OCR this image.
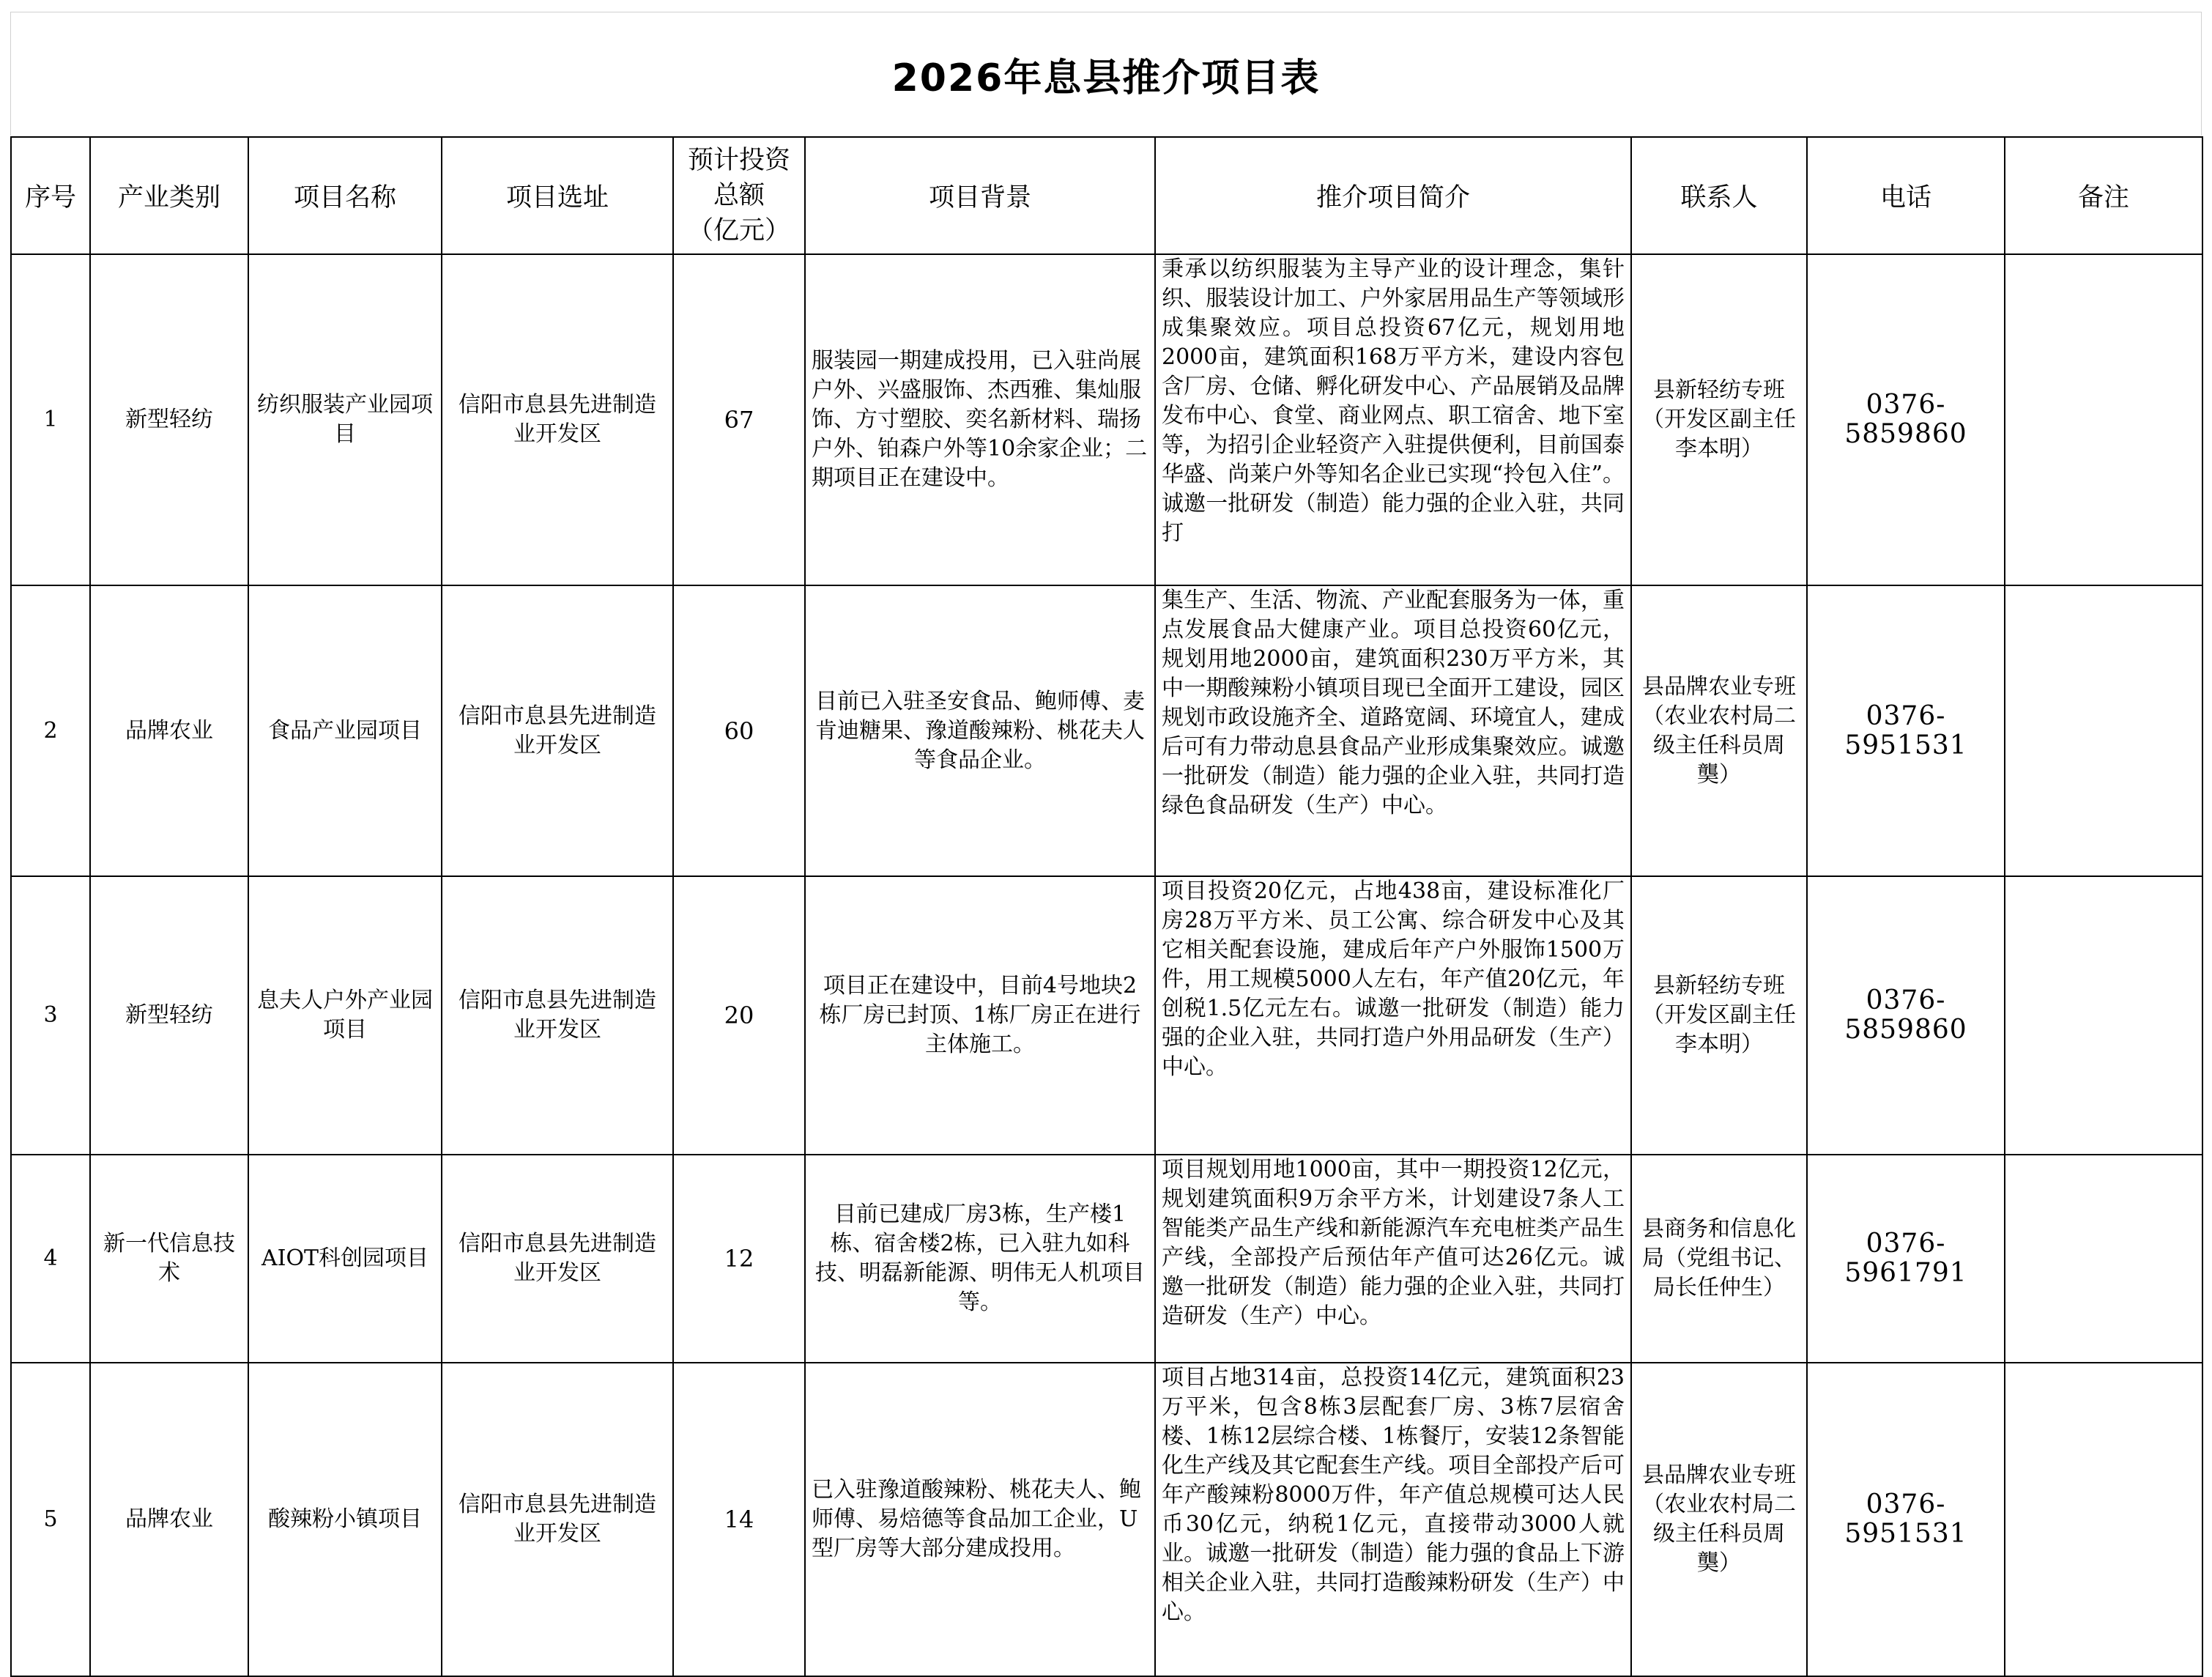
2026年息县推介项目表
序号	产业类别	项目名称	项目选址	预计投资
总额
（亿元）	项目背景	推介项目简介	联系人	电话	备注
1	新型轻纺	纺织服装产业园项目	信阳市息县先进制造业开发区	67	服装园一期建成投用，已入驻尚展户外、兴盛服饰、杰西雅、集灿服饰、方寸塑胶、奕名新材料、瑞扬户外、铂森户外等10余家企业；二期项目正在建设中。	秉承以纺织服装为主导产业的设计理念，集针织、服装设计加工、户外家居用品生产等领域形成集聚效应。项目总投资67亿元，规划用地2000亩，建筑面积168万平方米，建设内容包含厂房、仓储、孵化研发中心、产品展销及品牌发布中心、食堂、商业网点、职工宿舍、地下室等，为招引企业轻资产入驻提供便利，目前国泰华盛、尚莱户外等知名企业已实现“拎包入住”。诚邀一批研发（制造）能力强的企业入驻，共同打	县新轻纺专班（开发区副主任李本明）	0376-5859860	
2	品牌农业	食品产业园项目	信阳市息县先进制造业开发区	60	目前已入驻圣安食品、鲍师傅、麦肯迪糖果、豫道酸辣粉、桃花夫人等食品企业。	集生产、生活、物流、产业配套服务为一体，重点发展食品大健康产业。项目总投资60亿元，规划用地2000亩，建筑面积230万平方米，其中一期酸辣粉小镇项目现已全面开工建设，园区规划市政设施齐全、道路宽阔、环境宜人，建成后可有力带动息县食品产业形成集聚效应。诚邀一批研发（制造）能力强的企业入驻，共同打造绿色食品研发（生产）中心。	县品牌农业专班（农业农村局二级主任科员周龑）	0376-5951531	
3	新型轻纺	息夫人户外产业园项目	信阳市息县先进制造业开发区	20	项目正在建设中，目前4号地块2栋厂房已封顶、1栋厂房正在进行主体施工。	项目投资20亿元，占地438亩，建设标准化厂房28万平方米、员工公寓、综合研发中心及其它相关配套设施，建成后年产户外服饰1500万件，用工规模5000人左右，年产值20亿元，年创税1.5亿元左右。诚邀一批研发（制造）能力强的企业入驻，共同打造户外用品研发（生产）中心。	县新轻纺专班（开发区副主任李本明）	0376-5859860	
4	新一代信息技术	AIOT科创园项目	信阳市息县先进制造业开发区	12	目前已建成厂房3栋，生产楼1栋、宿舍楼2栋，已入驻九如科技、明磊新能源、明伟无人机项目等。	项目规划用地1000亩，其中一期投资12亿元，规划建筑面积9万余平方米，计划建设7条人工智能类产品生产线和新能源汽车充电桩类产品生产线，全部投产后预估年产值可达26亿元。诚邀一批研发（制造）能力强的企业入驻，共同打造研发（生产）中心。	县商务和信息化局（党组书记、局长任仲生）	0376-5961791	
5	品牌农业	酸辣粉小镇项目	信阳市息县先进制造业开发区	14	已入驻豫道酸辣粉、桃花夫人、鲍师傅、易焙德等食品加工企业，U型厂房等大部分建成投用。	项目占地314亩，总投资14亿元，建筑面积23万平米，包含8栋3层配套厂房、3栋7层宿舍楼、1栋12层综合楼、1栋餐厅，安装12条智能化生产线及其它配套生产线。项目全部投产后可年产酸辣粉8000万件，年产值总规模可达人民币30亿元，纳税1亿元，直接带动3000人就业。诚邀一批研发（制造）能力强的食品上下游相关企业入驻，共同打造酸辣粉研发（生产）中心。	县品牌农业专班（农业农村局二级主任科员周龑）	0376-5951531	
